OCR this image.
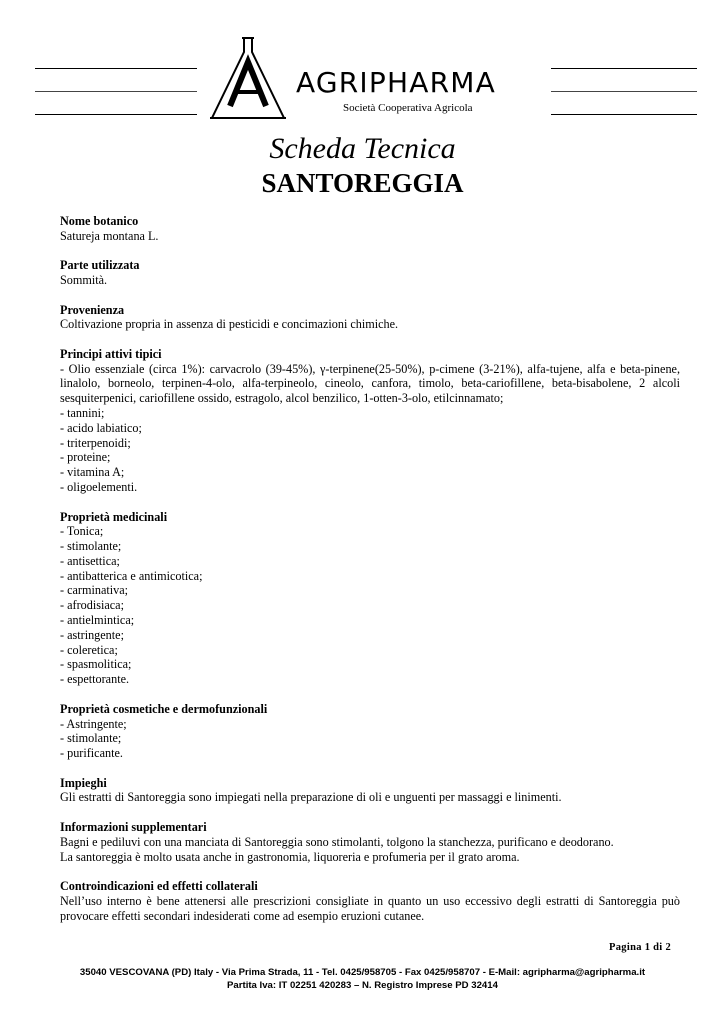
AGRIPHARMA
Società Cooperativa Agricola
Scheda Tecnica
SANTOREGGIA
Nome botanico

Satureja montana L.

Parte utilizzata

Sommità.

Provenienza

Coltivazione propria in assenza di pesticidi e concimazioni chimiche.

Principi attivi tipici

- Olio essenziale (circa 1%): carvacrolo (39-45%), γ-terpinene(25-50%), p-cimene (3-21%), alfa-tujene, alfa e beta-pinene, linalolo, borneolo, terpinen-4-olo, alfa-terpineolo, cineolo, canfora, timolo, beta-cariofillene, beta-bisabolene, 2 alcoli sesquiterpenici, cariofillene ossido, estragolo, alcol benzilico, 1-otten-3-olo, etilcinnamato;

- tannini;
- acido labiatico;
- triterpenoidi;
- proteine;
- vitamina A;
- oligoelementi.
Proprietà medicinali
- Tonica;
- stimolante;
- antisettica;
- antibatterica e antimicotica;
- carminativa;
- afrodisiaca;
- antielmintica;
- astringente;
- coleretica;
- spasmolitica;
- espettorante.
Proprietà cosmetiche e dermofunzionali
- Astringente;
- stimolante;
- purificante.
Impieghi

Gli estratti di Santoreggia sono impiegati nella preparazione di oli e unguenti per massaggi e linimenti.

Informazioni supplementari

Bagni e pediluvi con una manciata di Santoreggia sono stimolanti, tolgono la stanchezza, purificano e deodorano.

La santoreggia è molto usata anche in gastronomia, liquoreria e profumeria per il grato aroma.

Controindicazioni ed effetti collaterali

Nell’uso interno è bene attenersi alle prescrizioni consigliate in quanto un uso eccessivo degli estratti di Santoreggia può provocare effetti secondari indesiderati come ad esempio eruzioni cutanee.

Pagina 1 di 2
35040 VESCOVANA (PD) Italy - Via Prima Strada, 11 - Tel. 0425/958705 - Fax 0425/958707 - E-Mail: agripharma@agripharma.it
Partita Iva: IT 02251 420283 – N. Registro Imprese PD 32414
